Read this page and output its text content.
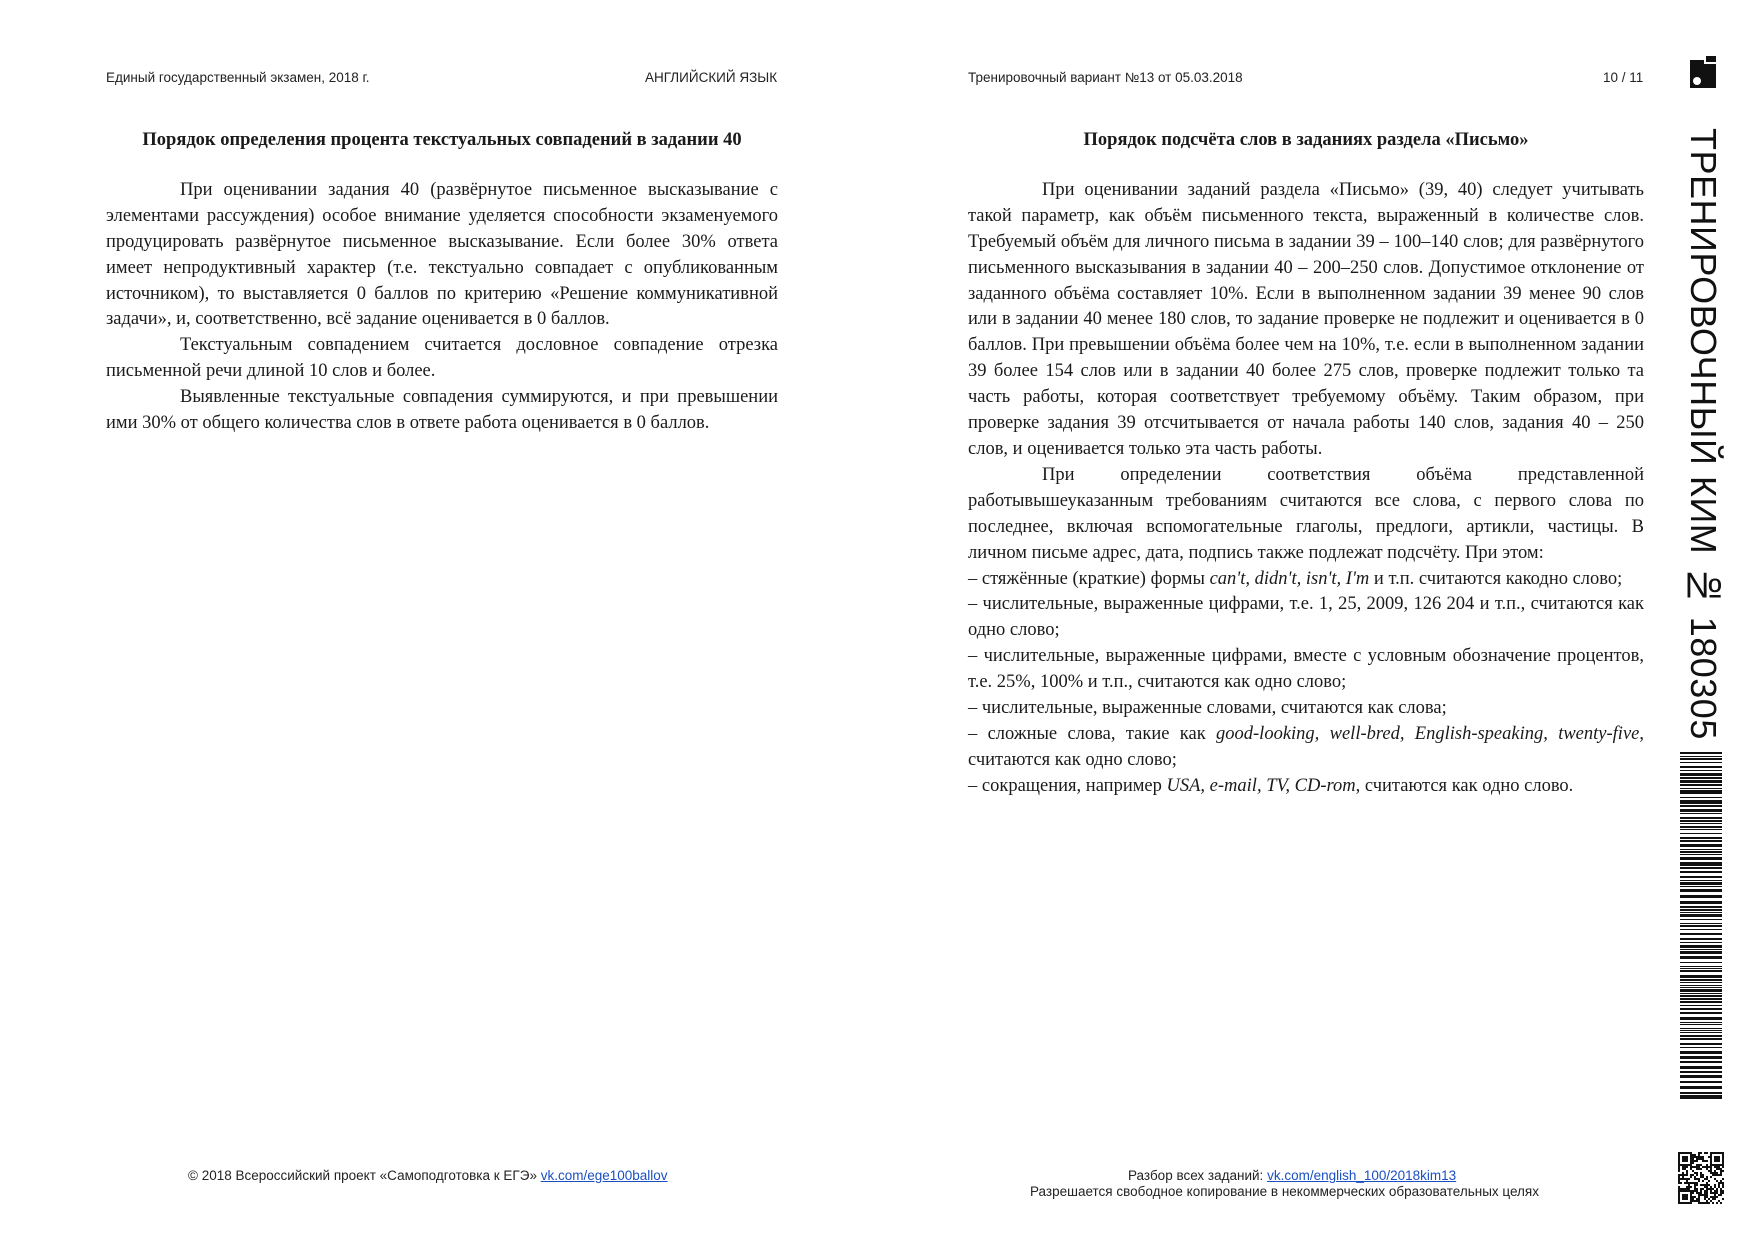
Единый государственный экзамен, 2018 г.	АНГЛИЙСКИЙ ЯЗЫК	Тренировочный вариант №13 от 05.03.2018	10 / 11

Порядок определения процента текстуальных совпадений в задании 40

При оценивании задания 40 (развёрнутое письменное высказывание с элементами рассуждения) особое внимание уделяется способности экзаменуемого продуцировать развёрнутое письменное высказывание. Если более 30% ответа имеет непродуктивный характер (т.е. текстуально совпадает с опубликованным источником), то выставляется 0 баллов по критерию «Решение коммуникативной задачи», и, соответственно, всё задание оценивается в 0 баллов.

Текстуальным совпадением считается дословное совпадение отрезка письменной речи длиной 10 слов и более.

Выявленные текстуальные совпадения суммируются, и при превышении ими 30% от общего количества слов в ответе работа оценивается в 0 баллов.

Порядок подсчёта слов в заданиях раздела «Письмо»

При оценивании заданий раздела «Письмо» (39, 40) следует учитывать такой параметр, как объём письменного текста, выраженный в количестве слов. Требуемый объём для личного письма в задании 39 – 100–140 слов; для развёрнутого письменного высказывания в задании 40 – 200–250 слов. Допустимое отклонение от заданного объёма составляет 10%. Если в выполненном задании 39 менее 90 слов или в задании 40 менее 180 слов, то задание проверке не подлежит и оценивается в 0 баллов. При превышении объёма более чем на 10%, т.е. если в выполненном задании 39 более 154 слов или в задании 40 более 275 слов, проверке подлежит только та часть работы, которая соответствует требуемому объёму. Таким образом, при проверке задания 39 отсчитывается от начала работы 140 слов, задания 40 – 250 слов, и оценивается только эта часть работы.

При определении соответствия объёма представленной работывышеуказанным требованиям считаются все слова, с первого слова по последнее, включая вспомогательные глаголы, предлоги, артикли, частицы. В личном письме адрес, дата, подпись также подлежат подсчёту. При этом:

– стяжённые (краткие) формы can't, didn't, isn't, I'm и т.п. считаются какодно слово;

– числительные, выраженные цифрами, т.е. 1, 25, 2009, 126 204 и т.п., считаются как одно слово;

– числительные, выраженные цифрами, вместе с условным обозначение процентов, т.е. 25%, 100% и т.п., считаются как одно слово;

– числительные, выраженные словами, считаются как слова;

– сложные слова, такие как good-looking, well-bred, English-speaking, twenty-five, считаются как одно слово;

– сокращения, например USA, e-mail, TV, CD-rom, считаются как одно слово.

© 2018 Всероссийский проект «Самоподготовка к ЕГЭ» vk.com/ege100ballov	Разбор всех заданий: vk.com/english_100/2018kim13
Разрешается свободное копирование в некоммерческих образовательных целях
ТРЕНИРОВОЧНЫЙ КИМ № 180305
